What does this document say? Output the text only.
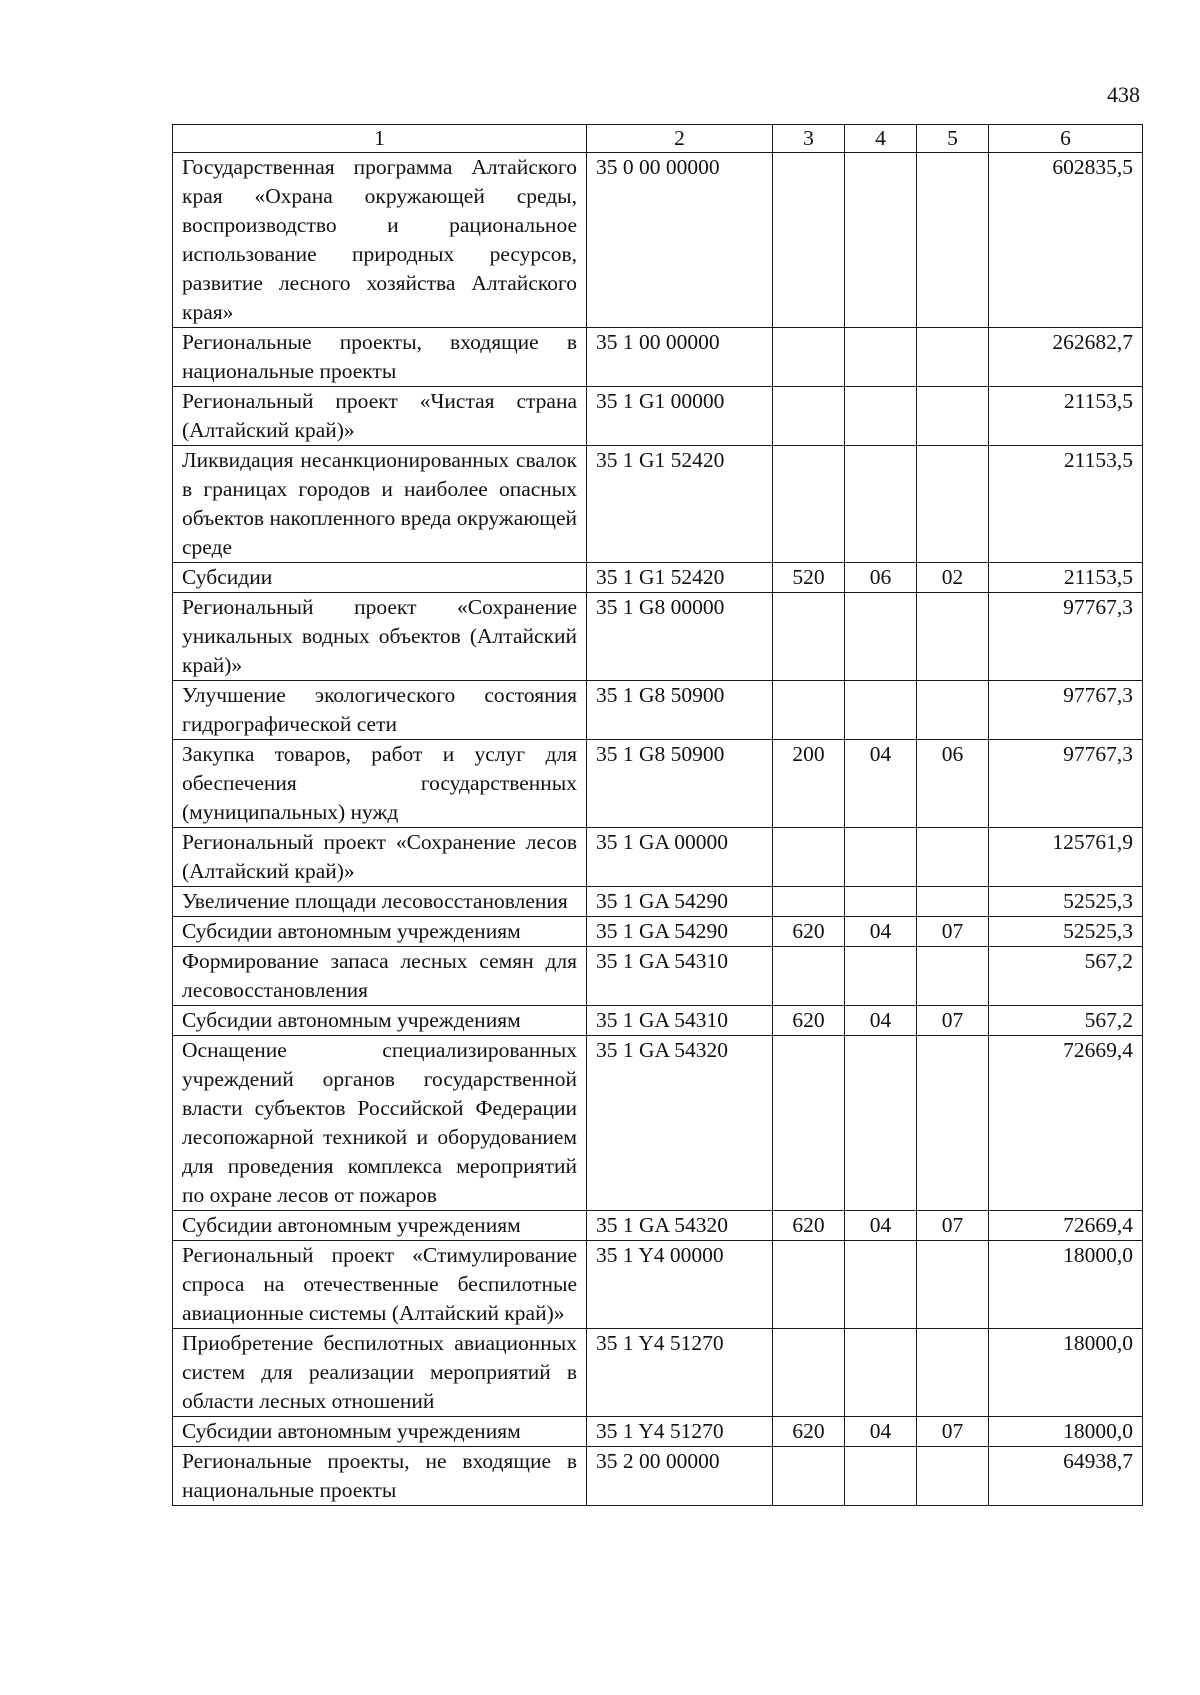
438
1	2	3	4	5	6
Государственная программа Алтайского края «Охрана окружающей среды, воспроизводство и рациональное использование природных ресурсов, развитие лесного хозяйства Алтайского края»	35 0 00 00000				602835,5
Региональные проекты, входящие в национальные проекты	35 1 00 00000				262682,7
Региональный проект «Чистая страна (Алтайский край)»	35 1 G1 00000				21153,5
Ликвидация несанкционированных свалок в границах городов и наиболее опасных объектов накопленного вреда окружающей среде	35 1 G1 52420				21153,5
Субсидии	35 1 G1 52420	520	06	02	21153,5
Региональный проект «Сохранение уникальных водных объектов (Алтайский край)»	35 1 G8 00000				97767,3
Улучшение экологического состояния гидрографической сети	35 1 G8 50900				97767,3
Закупка товаров, работ и услуг для обеспечения государственных (муниципальных) нужд	35 1 G8 50900	200	04	06	97767,3
Региональный проект «Сохранение лесов (Алтайский край)»	35 1 GA 00000				125761,9
Увеличение площади лесовосстановления	35 1 GA 54290				52525,3
Субсидии автономным учреждениям	35 1 GA 54290	620	04	07	52525,3
Формирование запаса лесных семян для лесовосстановления	35 1 GA 54310				567,2
Субсидии автономным учреждениям	35 1 GA 54310	620	04	07	567,2
Оснащение специализированных учреждений органов государственной власти субъектов Российской Федерации лесопожарной техникой и оборудованием для проведения комплекса мероприятий по охране лесов от пожаров	35 1 GA 54320				72669,4
Субсидии автономным учреждениям	35 1 GA 54320	620	04	07	72669,4
Региональный проект «Стимулирование спроса на отечественные беспилотные авиационные системы (Алтайский край)»	35 1 Y4 00000				18000,0
Приобретение беспилотных авиационных систем для реализации мероприятий в области лесных отношений	35 1 Y4 51270				18000,0
Субсидии автономным учреждениям	35 1 Y4 51270	620	04	07	18000,0
Региональные проекты, не входящие в национальные проекты	35 2 00 00000				64938,7
